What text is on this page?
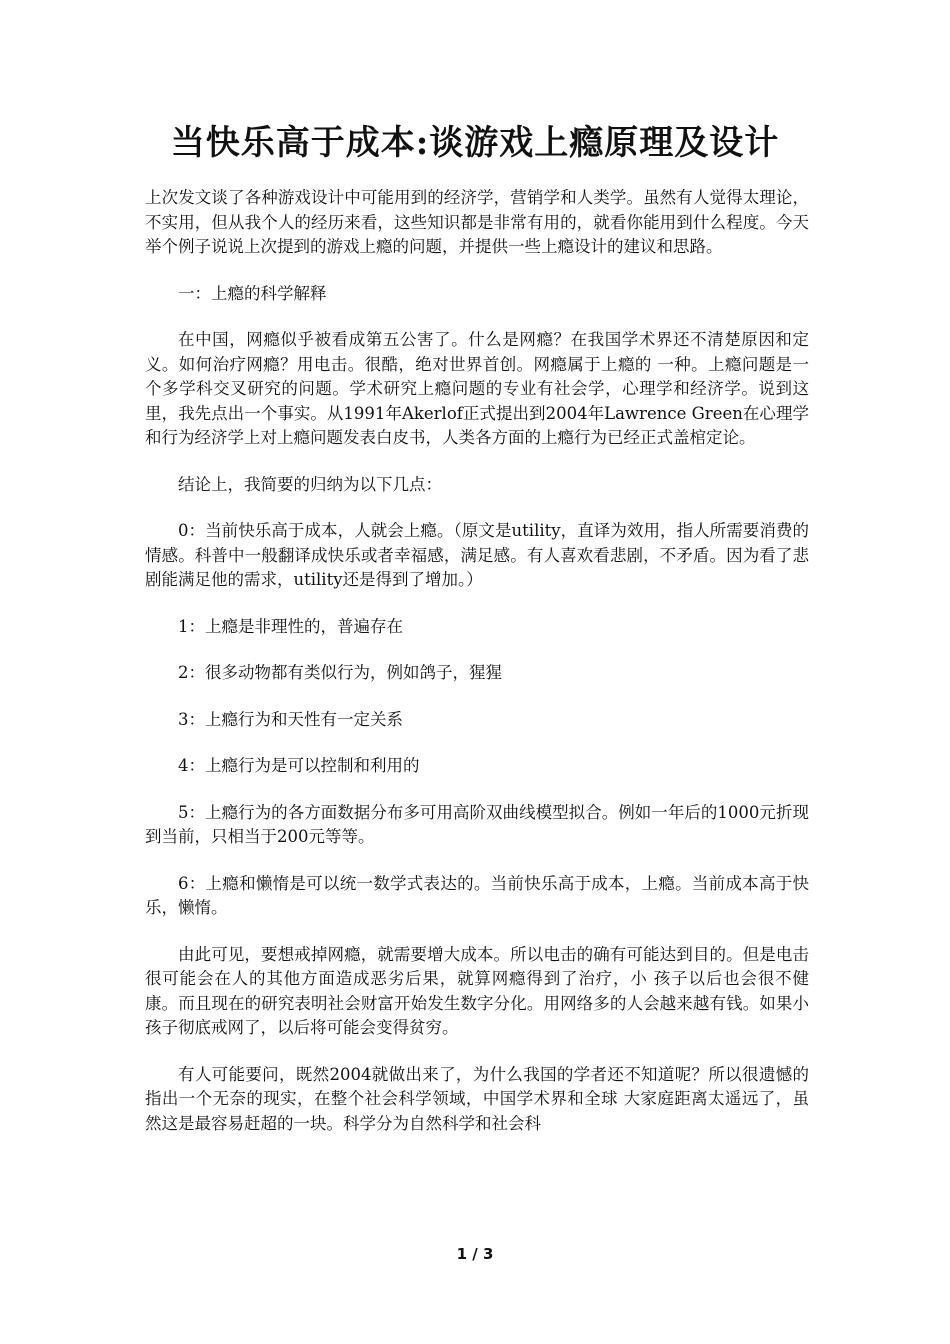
当快乐高于成本:谈游戏上瘾原理及设计

上次发文谈了各种游戏设计中可能用到的经济学，营销学和人类学。虽然有人觉得太理论，不实用，但从我个人的经历来看，这些知识都是非常有用的，就看你能用到什么程度。今天举个例子说说上次提到的游戏上瘾的问题，并提供一些上瘾设计的建议和思路。

一：上瘾的科学解释

在中国，网瘾似乎被看成第五公害了。什么是网瘾？在我国学术界还不清楚原因和定义。如何治疗网瘾？用电击。很酷，绝对世界首创。网瘾属于上瘾的 一种。上瘾问题是一个多学科交叉研究的问题。学术研究上瘾问题的专业有社会学，心理学和经济学。说到这里，我先点出一个事实。从1991年Akerlof正式提出到2004年Lawrence Green在心理学和行为经济学上对上瘾问题发表白皮书，人类各方面的上瘾行为已经正式盖棺定论。

结论上，我简要的归纳为以下几点：

0：当前快乐高于成本，人就会上瘾。（原文是utility，直译为效用，指人所需要消费的情感。科普中一般翻译成快乐或者幸福感，满足感。有人喜欢看悲剧，不矛盾。因为看了悲剧能满足他的需求，utility还是得到了增加。）

1：上瘾是非理性的，普遍存在

2：很多动物都有类似行为，例如鸽子，猩猩

3：上瘾行为和天性有一定关系

4：上瘾行为是可以控制和利用的

5：上瘾行为的各方面数据分布多可用高阶双曲线模型拟合。例如一年后的1000元折现到当前，只相当于200元等等。

6：上瘾和懒惰是可以统一数学式表达的。当前快乐高于成本，上瘾。当前成本高于快乐，懒惰。

由此可见，要想戒掉网瘾，就需要增大成本。所以电击的确有可能达到目的。但是电击很可能会在人的其他方面造成恶劣后果，就算网瘾得到了治疗，小 孩子以后也会很不健康。而且现在的研究表明社会财富开始发生数字分化。用网络多的人会越来越有钱。如果小孩子彻底戒网了，以后将可能会变得贫穷。

有人可能要问，既然2004就做出来了，为什么我国的学者还不知道呢？所以很遗憾的指出一个无奈的现实，在整个社会科学领域，中国学术界和全球 大家庭距离太遥远了，虽然这是最容易赶超的一块。科学分为自然科学和社会科

1 / 3
